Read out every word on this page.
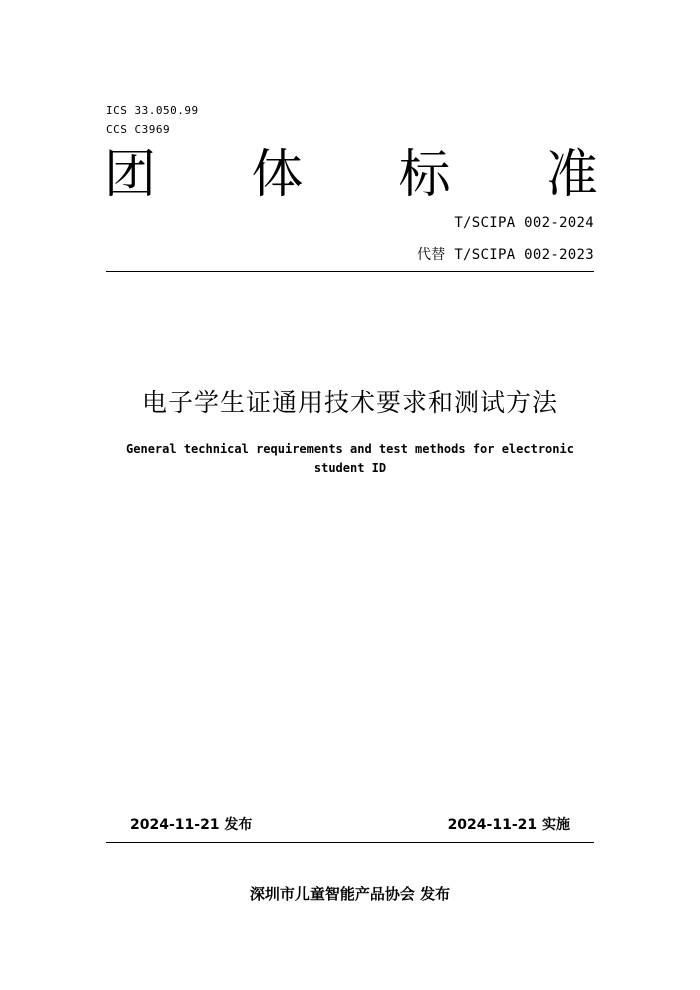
ICS 33.050.99
CCS C3969
团 体 标 准
T/SCIPA 002-2024
代替 T/SCIPA 002-2023
电子学生证通用技术要求和测试方法
General technical requirements and test methods for electronic
student ID
2024-11-21 发布	2024-11-21 实施
深圳市儿童智能产品协会 发布
